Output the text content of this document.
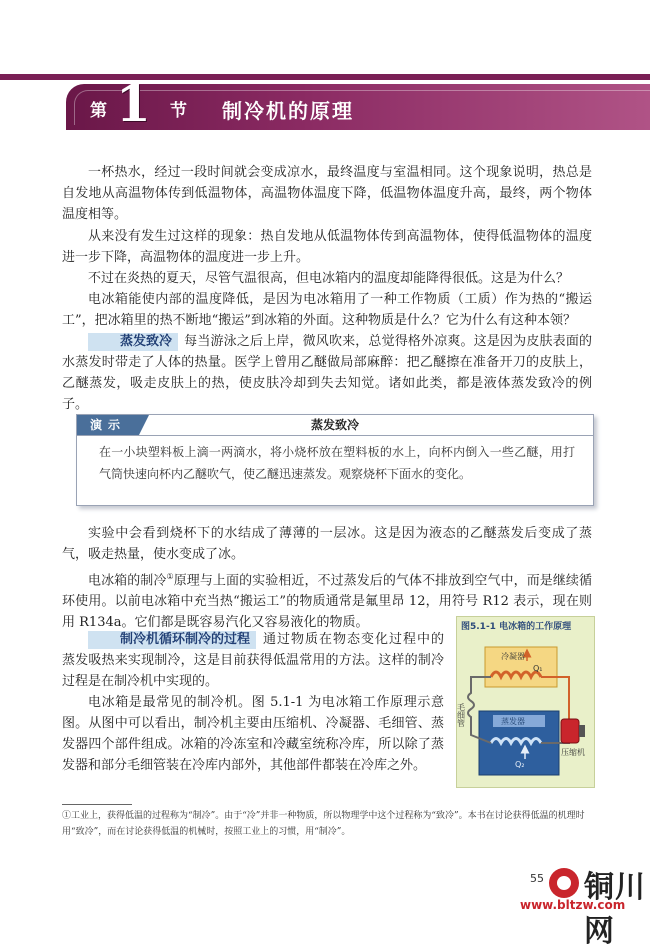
第 1 节 制冷机的原理

一杯热水，经过一段时间就会变成凉水，最终温度与室温相同。这个现象说明，热总是自发地从高温物体传到低温物体，高温物体温度下降，低温物体温度升高，最终，两个物体温度相等。

从来没有发生过这样的现象：热自发地从低温物体传到高温物体，使得低温物体的温度进一步下降，高温物体的温度进一步上升。

不过在炎热的夏天，尽管气温很高，但电冰箱内的温度却能降得很低。这是为什么？

电冰箱能使内部的温度降低，是因为电冰箱用了一种工作物质（工质）作为热的“搬运工”，把冰箱里的热不断地“搬运”到冰箱的外面。这种物质是什么？它为什么有这种本领？

蒸发致冷 每当游泳之后上岸，微风吹来，总觉得格外凉爽。这是因为皮肤表面的水蒸发时带走了人体的热量。医学上曾用乙醚做局部麻醉：把乙醚擦在准备开刀的皮肤上，乙醚蒸发，吸走皮肤上的热，使皮肤冷却到失去知觉。诸如此类，都是液体蒸发致冷的例子。

演示	蒸发致冷
在一小块塑料板上滴一两滴水，将小烧杯放在塑料板的水上，向杯内倒入一些乙醚，用打气筒快速向杯内乙醚吹气，使乙醚迅速蒸发。观察烧杯下面水的变化。

实验中会看到烧杯下的水结成了薄薄的一层冰。这是因为液态的乙醚蒸发后变成了蒸气，吸走热量，使水变成了冰。

电冰箱的制冷①原理与上面的实验相近，不过蒸发后的气体不排放到空气中，而是继续循环使用。以前电冰箱中充当热“搬运工”的物质通常是氟里昂 12，用符号 R12 表示，现在则用 R134a。它们都是既容易汽化又容易液化的物质。

制冷机循环制冷的过程 通过物质在物态变化过程中的蒸发吸热来实现制冷，这是目前获得低温常用的方法。这样的制冷过程是在制冷机中实现的。

电冰箱是最常见的制冷机。图 5.1-1 为电冰箱工作原理示意图。从图中可以看出，制冷机主要由压缩机、冷凝器、毛细管、蒸发器四个部件组成。冰箱的冷冻室和冷藏室统称冷库，所以除了蒸发器和部分毛细管装在冷库内部外，其他部件都装在冷库之外。

图5.1-1 电冰箱的工作原理
冷凝器
蒸发器
Q₁
Q₂
毛细管
压缩机

①工业上，获得低温的过程称为“制冷”。由于“冷”并非一种物质，所以物理学中这个过程称为“致冷”。本书在讨论获得低温的机理时用“致冷”，而在讨论获得低温的机械时，按照工业上的习惯，用“制冷”。

55 铜川网
www.bltzw.com
